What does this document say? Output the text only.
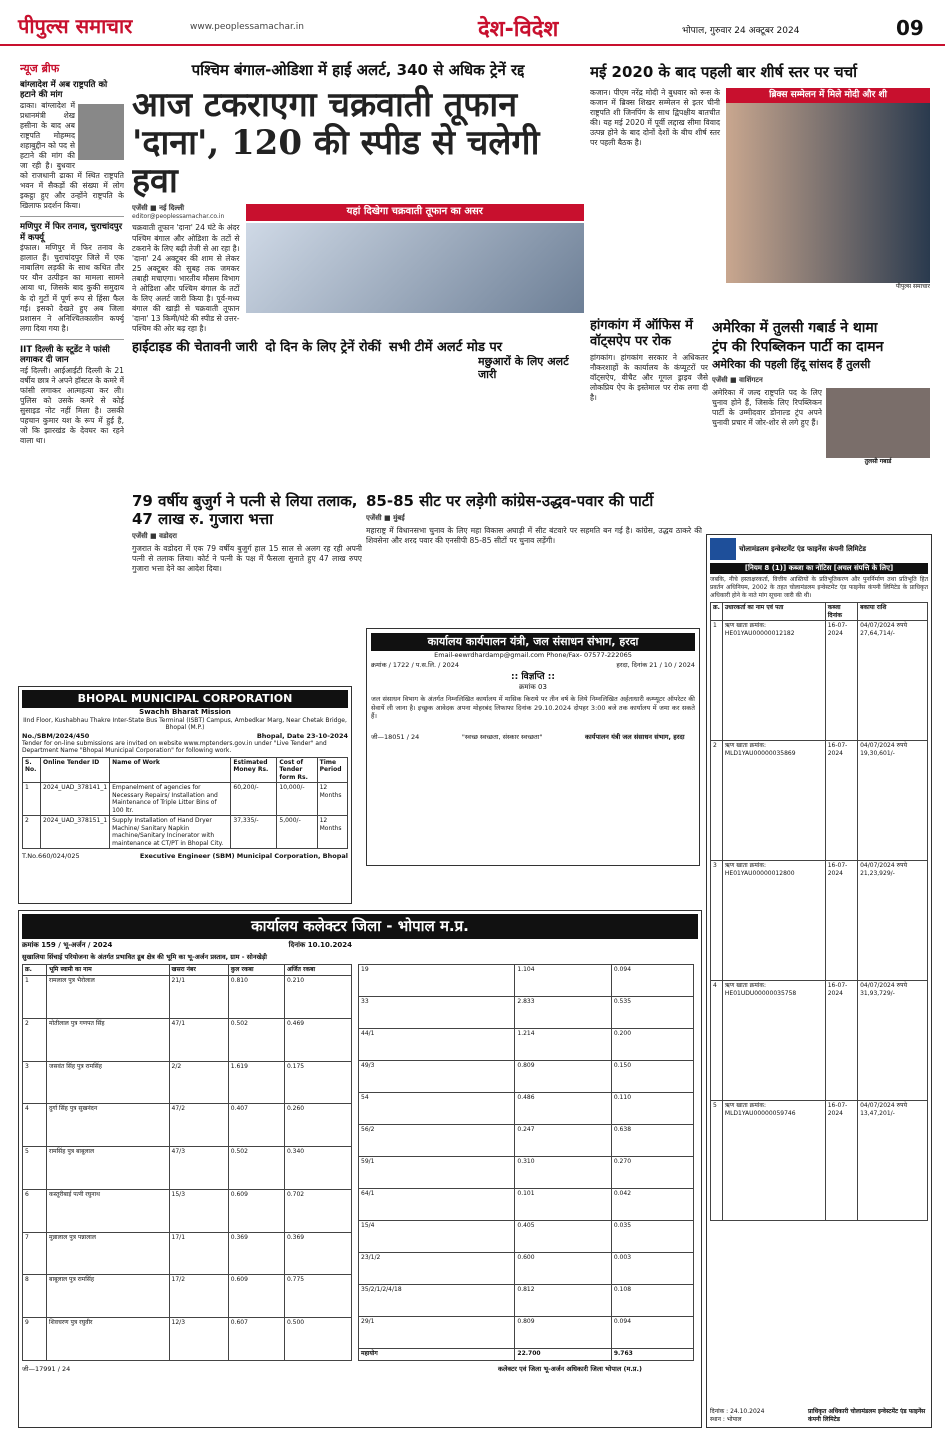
पीपुल्स समाचार	www.peoplessamachar.in	देश-विदेश	भोपाल, गुरुवार 24 अक्टूबर 2024	09
न्यूज ब्रीफ
बांग्लादेश में अब राष्ट्रपति को हटाने की मांग
ढाका। बांग्लादेश में प्रधानमंत्री शेख हसीना के बाद अब राष्ट्रपति मोहम्मद शहाबुद्दीन को पद से हटाने की मांग की जा रही है। बुधवार को राजधानी ढाका में स्थित राष्ट्रपति भवन में सैकड़ों की संख्या में लोग इकट्ठा हुए और उन्होंने राष्ट्रपति के खिलाफ प्रदर्शन किया।
मणिपुर में फिर तनाव, चुराचांदपुर में कर्फ्यू
इंफाल। मणिपुर में फिर तनाव के हालात हैं। चुराचांदपुर जिले में एक नाबालिग लड़की के साथ कथित तौर पर यौन उत्पीड़न का मामला सामने आया था, जिसके बाद कुकी समुदाय के दो गुटों में पूर्ण रूप से हिंसा फैल गई। इसको देखते हुए अब जिला प्रशासन ने अनिश्चितकालीन कर्फ्यू लगा दिया गया है।
IIT दिल्ली के स्टूडेंट ने फांसी लगाकर दी जान
नई दिल्ली। आईआईटी दिल्ली के 21 वर्षीय छात्र ने अपने हॉस्टल के कमरे में फांसी लगाकर आत्महत्या कर ली। पुलिस को उसके कमरे से कोई सुसाइड नोट नहीं मिला है। उसकी पहचान कुमार यश के रूप में हुई है, जो कि झारखंड के देवघर का रहने वाला था।
पश्चिम बंगाल-ओडिशा में हाई अलर्ट, 340 से अधिक ट्रेनें रद्द
आज टकराएगा चक्रवाती तूफान
'दाना', 120 की स्पीड से चलेगी हवा
एजेंसी ■ नई दिल्ली
editor@peoplessamachar.co.in
चक्रवाती तूफान 'दाना' 24 घंटे के अंदर पश्चिम बंगाल और ओडिशा के तटों से टकराने के लिए बढ़ी तेजी से आ रहा है। 'दाना' 24 अक्टूबर की शाम से लेकर 25 अक्टूबर की सुबह तक जमकर तबाही मचाएगा। भारतीय मौसम विभाग ने ओडिशा और पश्चिम बंगाल के तटों के लिए अलर्ट जारी किया है। पूर्व-मध्य बंगाल की खाड़ी से चक्रवाती तूफान 'दाना' 13 किमी/घंटे की स्पीड से उत्तर-पश्चिम की ओर बढ़ रहा है।
यहां दिखेगा चक्रवाती तूफान का असर
हाईटाइड की चेतावनी जारी दो दिन के लिए ट्रेनें रोकीं सभी टीमें अलर्ट मोड पर
मई 2020 के बाद पहली बार शीर्ष स्तर पर चर्चा
कजान। पीएम नरेंद्र मोदी ने बुधवार को रूस के कजान में ब्रिक्स शिखर सम्मेलन से इतर चीनी राष्ट्रपति शी जिनपिंग के साथ द्विपक्षीय बातचीत की। यह मई 2020 में पूर्वी लद्दाख सीमा विवाद उत्पन्न होने के बाद दोनों देशों के बीच शीर्ष स्तर पर पहली बैठक है।
ब्रिक्स सम्मेलन में मिले मोदी और शी
पीपुल्स समाचार
हांगकांग में ऑफिस में वॉट्सऐप पर रोक
हांगकांग। हांगकांग सरकार ने अधिकतर नौकरशाहों के कार्यालय के कंप्यूटरों पर वॉट्सऐप, वीचैट और गूगल ड्राइव जैसे लोकप्रिय ऐप के इस्तेमाल पर रोक लगा दी है।
अमेरिका में तुलसी गबार्ड ने थामा
ट्रंप की रिपब्लिकन पार्टी का दामन
अमेरिका की पहली हिंदू सांसद हैं तुलसी
एजेंसी ■ वाशिंगटन
अमेरिका में जल्द राष्ट्रपति पद के लिए चुनाव होने हैं, जिसके लिए रिपब्लिकन पार्टी के उम्मीदवार डोनाल्ड ट्रंप अपने चुनावी प्रचार में जोर-शोर से लगे हुए हैं।
तुलसी गबार्ड
मछुआरों के लिए अलर्ट जारी
79 वर्षीय बुजुर्ग ने पत्नी से लिया तलाक, 47 लाख रु. गुजारा भत्ता
एजेंसी ■ वडोदरा
गुजरात के वडोदरा में एक 79 वर्षीय बुजुर्ग हाल 15 साल से अलग रह रही अपनी पत्नी से तलाक लिया। कोर्ट ने पत्नी के पक्ष में फैसला सुनाते हुए 47 लाख रुपए गुजारा भत्ता देने का आदेश दिया।
85-85 सीट पर लड़ेगी कांग्रेस-उद्धव-पवार की पार्टी
एजेंसी ■ मुंबई
महाराष्ट्र में विधानसभा चुनाव के लिए महा विकास अघाड़ी में सीट बंटवारे पर सहमति बन गई है। कांग्रेस, उद्धव ठाकरे की शिवसेना और शरद पवार की एनसीपी 85-85 सीटों पर चुनाव लड़ेंगी।
BHOPAL MUNICIPAL CORPORATION
Swachh Bharat Mission
IInd Floor, Kushabhau Thakre Inter-State Bus Terminal (ISBT) Campus, Ambedkar Marg, Near Chetak Bridge, Bhopal (M.P.)
No./SBM/2024/450	Bhopal, Date 23-10-2024
Tender for on-line submissions are invited on website www.mptenders.gov.in under "Live Tender" and Department Name "Bhopal Municipal Corporation" for following work.
S. No.	Online Tender ID	Name of Work	Estimated Money Rs.	Cost of Tender form Rs.	Time Period
1	2024_UAD_378141_1	Empanelment of agencies for Necessary Repairs/ Installation and Maintenance of Triple Litter Bins of 100 ltr.	60,200/-	10,000/-	12 Months
2	2024_UAD_378151_1	Supply Installation of Hand Dryer Machine/ Sanitary Napkin machine/Sanitary Incinerator with maintenance at CT/PT in Bhopal City.	37,335/-	5,000/-	12 Months
T.No.660/024/025	Executive Engineer (SBM) Municipal Corporation, Bhopal
कार्यालय कार्यपालन यंत्री, जल संसाधन संभाग, हरदा
Email-eewrdhardamp@gmail.com Phone/Fax- 07577-222065
क्रमांक / 1722 / प.स.लि. / 2024	हरदा, दिनांक 21 / 10 / 2024
:: विज्ञप्ति ::
क्रमांक 03
जल संसाधन विभाग के अंतर्गत निम्नलिखित कार्यालय में मासिक किराये पर तीन वर्ष के लिये निम्नलिखित अर्हताधारी कम्प्यूटर ऑपरेटर की सेवायें ली जाना है। इच्छुक आवेदक अपना मोहरबंद लिफाफा दिनांक 29.10.2024 दोपहर 3:00 बजे तक कार्यालय में जमा कर सकते हैं।
जी—18051 / 24	"स्वच्छ स्वच्छता, संस्कार स्वच्छता"	कार्यपालन यंत्री जल संसाधन संभाग, हरदा
कार्यालय कलेक्टर जिला - भोपाल म.प्र.
क्रमांक 159 / भू-अर्जन / 2024	दिनांक 10.10.2024
सुखालिया सिंचाई परियोजना के अंतर्गत प्रभावित डूब क्षेत्र की भूमि का भू-अर्जन प्रस्ताव, ग्राम - सोनखेड़ी
क्र.	भूमि स्वामी का नाम	खसरा नंबर	कुल रकबा	अर्जित रकबा
1	रामलाल पुत्र भैरोलाल	21/1	0.810	0.210
2	मोतीलाल पुत्र गणपत सिंह	47/1	0.502	0.469
3	जसवंत सिंह पुत्र रामसिंह	2/2	1.619	0.175
4	दुर्गा सिंह पुत्र सुखनंदन	47/2	0.407	0.260
5	रामसिंह पुत्र बाबूलाल	47/3	0.502	0.340
6	कस्तूरीबाई पत्नी रघुनाथ	15/3	0.609	0.702
7	मुन्नालाल पुत्र पन्नालाल	17/1	0.369	0.369
8	बाबूलाल पुत्र रामसिंह	17/2	0.609	0.775
9	शिवचरण पुत्र रघुवीर	12/3	0.607	0.500
19	1.104	0.094
33	2.833	0.535
44/1	1.214	0.200
49/3	0.809	0.150
54	0.486	0.110
56/2	0.247	0.638
59/1	0.310	0.270
64/1	0.101	0.042
15/4	0.405	0.035
23/1/2	0.600	0.003
35/2/1/2/4/18	0.812	0.108
29/1	0.809	0.094
महायोग	22.700	9.763
जी—17991 / 24	कलेक्टर एवं जिला भू-अर्जन अधिकारी जिला भोपाल (म.प्र.)
चोलामंडलम इन्वेस्टमेंट एंड फाइनेंस कंपनी लिमिटेड
[नियम 8 (1)] कब्जा का नोटिस [अचल संपत्ति के लिए]
जबकि, नीचे हस्ताक्षरकर्ता, वित्तीय आस्तियों के प्रतिभूतिकरण और पुनर्निर्माण तथा प्रतिभूति हित प्रवर्तन अधिनियम, 2002 के तहत चोलामंडलम इन्वेस्टमेंट एंड फाइनेंस कंपनी लिमिटेड के प्राधिकृत अधिकारी होने के नाते मांग सूचना जारी की थी।
क्र.	उधारकर्ता का नाम एवं पता	कब्जा दिनांक	बकाया राशि
1	ऋण खाता क्रमांक: HE01YAU00000012182	16-07-2024	04/07/2024 रुपये 27,64,714/-
2	ऋण खाता क्रमांक: MLD1YAU00000035869	16-07-2024	04/07/2024 रुपये 19,30,601/-
3	ऋण खाता क्रमांक: HE01YAU00000012800	16-07-2024	04/07/2024 रुपये 21,23,929/-
4	ऋण खाता क्रमांक: HE01UDU00000035758	16-07-2024	04/07/2024 रुपये 31,93,729/-
5	ऋण खाता क्रमांक: MLD1YAU00000059746	16-07-2024	04/07/2024 रुपये 13,47,201/-
दिनांक : 24.10.2024
स्थान : भोपाल
प्राधिकृत अधिकारी चोलामंडलम इन्वेस्टमेंट एंड फाइनेंस कंपनी लिमिटेड
